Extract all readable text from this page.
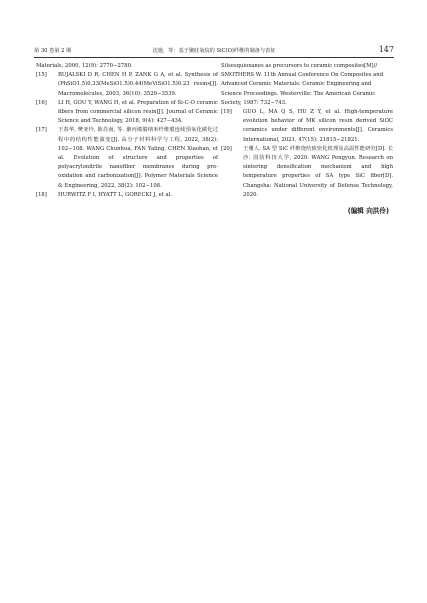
第 30 卷第 2 期	沈施，等：基于聚硅氧烷的 SiC(O)纤维的制备与表征	147

Materials, 2000, 12(9): 2770−2780.

[15] BUJALSKI D R, CHEN H P, ZANK G A, et al. Synthesis of (PhSiO1.5)0.33(MeSiO1.5)0.44(MeViSiO1.5)0.23 resins[J]. Macromolecules, 2003, 36(10): 3529−3539.
[16] LI H, GOU Y, WANG H, et al. Preparation of Si-C-O ceramic fibers from commercial silicon resin[J]. Journal of Ceramic Science and Technology, 2018, 9(4): 427−434.
[17] 王春华, 樊亚玲, 陈肖南, 等. 聚丙烯腈纳米纤维膜连续预氧化碳化过程中的结构性能演变[J]. 高分子材料科学与工程, 2022, 38(2): 102−108. WANG Chunhua, FAN Yaling, CHEN Xiaohan, et al. Evolution of structure and properties of polyacrylonitrile nanofiber membranes during pre-oxidation and carbonization[J]. Polymer Materials Science & Engineering, 2022, 38(2): 102−108.
[18] HURWITZ F I, HYATT L, GORECKI J, et al.

Silsesquioxanes as precursors to ceramic composites[M]// SMOTHERS W. 11th Annual Conference On Composites and Advanced Ceramic Materials: Ceramic Engineering and Science Proceedings. Westerville: The American Ceramic Society, 1987: 732−743.

[19] GUO L, MA Q S, HU Z Y, et al. High-temperature evolution behavior of MK silicon resin derived SiOC ceramics under different environments[J]. Ceramics International, 2021, 47(15): 21815−21821.
[20] 王珊人. SA 型 SiC 纤维烧结致密化机理及高温性能研究[D]. 长沙: 国防科技大学, 2020. WANG Pengyun. Research on sintering densification mechanism and high temperature properties of SA type SiC fiber[D]. Changsha: National University of Defense Technology, 2020.
(编辑 向洪伶)
